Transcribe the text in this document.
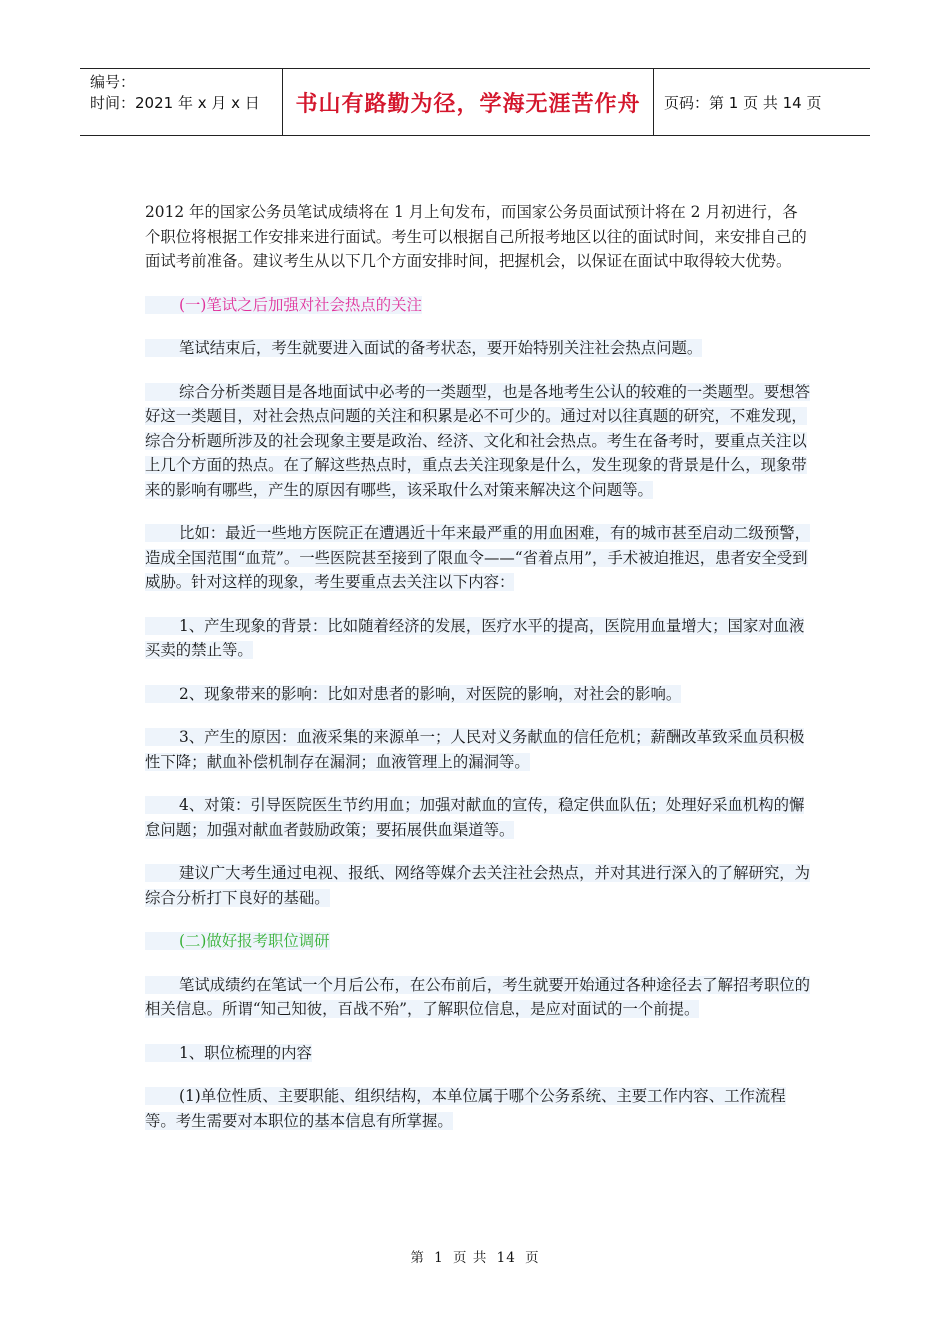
编号：
时间：2021 年 x 月 x 日	书山有路勤为径，学海无涯苦作舟	页码：第 1 页 共 14 页

2012 年的国家公务员笔试成绩将在 1 月上旬发布，而国家公务员面试预计将在 2 月初进行，各个职位将根据工作安排来进行面试。考生可以根据自己所报考地区以往的面试时间，来安排自己的面试考前准备。建议考生从以下几个方面安排时间，把握机会，以保证在面试中取得较大优势。

(一)笔试之后加强对社会热点的关注

笔试结束后，考生就要进入面试的备考状态，要开始特别关注社会热点问题。

综合分析类题目是各地面试中必考的一类题型，也是各地考生公认的较难的一类题型。要想答好这一类题目，对社会热点问题的关注和积累是必不可少的。通过对以往真题的研究，不难发现，综合分析题所涉及的社会现象主要是政治、经济、文化和社会热点。考生在备考时，要重点关注以上几个方面的热点。在了解这些热点时，重点去关注现象是什么，发生现象的背景是什么，现象带来的影响有哪些，产生的原因有哪些，该采取什么对策来解决这个问题等。

比如：最近一些地方医院正在遭遇近十年来最严重的用血困难，有的城市甚至启动二级预警，造成全国范围“血荒”。一些医院甚至接到了限血令——“省着点用”，手术被迫推迟，患者安全受到威胁。针对这样的现象，考生要重点去关注以下内容：

1、产生现象的背景：比如随着经济的发展，医疗水平的提高，医院用血量增大；国家对血液买卖的禁止等。

2、现象带来的影响：比如对患者的影响，对医院的影响，对社会的影响。

3、产生的原因：血液采集的来源单一；人民对义务献血的信任危机；薪酬改革致采血员积极性下降；献血补偿机制存在漏洞；血液管理上的漏洞等。

4、对策：引导医院医生节约用血；加强对献血的宣传，稳定供血队伍；处理好采血机构的懈怠问题；加强对献血者鼓励政策；要拓展供血渠道等。

建议广大考生通过电视、报纸、网络等媒介去关注社会热点，并对其进行深入的了解研究，为综合分析打下良好的基础。

(二)做好报考职位调研

笔试成绩约在笔试一个月后公布，在公布前后，考生就要开始通过各种途径去了解招考职位的相关信息。所谓“知己知彼，百战不殆”，了解职位信息，是应对面试的一个前提。

1、职位梳理的内容

(1)单位性质、主要职能、组织结构，本单位属于哪个公务系统、主要工作内容、工作流程等。考生需要对本职位的基本信息有所掌握。

第 1 页 共 14 页
